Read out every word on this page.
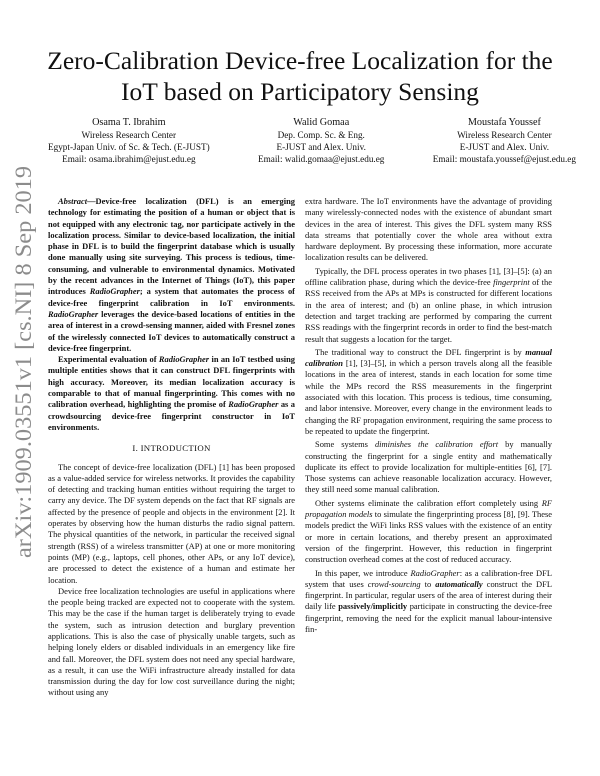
arXiv:1909.03551v1 [cs.NI] 8 Sep 2019
Zero-Calibration Device-free Localization for the
IoT based on Participatory Sensing
Osama T. Ibrahim
Wireless Research Center
Egypt-Japan Univ. of Sc. & Tech. (E-JUST)
Email: osama.ibrahim@ejust.edu.eg
Walid Gomaa
Dep. Comp. Sc. & Eng.
E-JUST and Alex. Univ.
Email: walid.gomaa@ejust.edu.eg
Moustafa Youssef
Wireless Research Center
E-JUST and Alex. Univ.
Email: moustafa.youssef@ejust.edu.eg

Abstract—Device-free localization (DFL) is an emerging technology for estimating the position of a human or object that is not equipped with any electronic tag, nor participate actively in the localization process. Similar to device-based localization, the initial phase in DFL is to build the fingerprint database which is usually done manually using site surveying. This process is tedious, time-consuming, and vulnerable to environmental dynamics. Motivated by the recent advances in the Internet of Things (IoT), this paper introduces RadioGrapher; a system that automates the process of device-free fingerprint calibration in IoT environments. RadioGrapher leverages the device-based locations of entities in the area of interest in a crowd-sensing manner, aided with Fresnel zones of the wirelessly connected IoT devices to automatically construct a device-free fingerprint.

Experimental evaluation of RadioGrapher in an IoT testbed using multiple entities shows that it can construct DFL fingerprints with high accuracy. Moreover, its median localization accuracy is comparable to that of manual fingerprinting. This comes with no calibration overhead, highlighting the promise of RadioGrapher as a crowdsourcing device-free fingerprint constructor in IoT environments.

I. INTRODUCTION

The concept of device-free localization (DFL) [1] has been proposed as a value-added service for wireless networks. It provides the capability of detecting and tracking human entities without requiring the target to carry any device. The DF system depends on the fact that RF signals are affected by the presence of people and objects in the environment [2]. It operates by observing how the human disturbs the radio signal pattern. The physical quantities of the network, in particular the received signal strength (RSS) of a wireless transmitter (AP) at one or more monitoring points (MP) (e.g., laptops, cell phones, other APs, or any IoT device), are processed to detect the existence of a human and estimate her location.

Device free localization technologies are useful in applications where the people being tracked are expected not to cooperate with the system. This may be the case if the human target is deliberately trying to evade the system, such as intrusion detection and burglary prevention applications. This is also the case of physically unable targets, such as helping lonely elders or disabled individuals in an emergency like fire and fall. Moreover, the DFL system does not need any special hardware, as a result, it can use the WiFi infrastructure already installed for data transmission during the day for low cost surveillance during the night; without using any

extra hardware. The IoT environments have the advantage of providing many wirelessly-connected nodes with the existence of abundant smart devices in the area of interest. This gives the DFL system many RSS data streams that potentially cover the whole area without extra hardware deployment. By processing these information, more accurate localization results can be delivered.

Typically, the DFL process operates in two phases [1], [3]–[5]: (a) an offline calibration phase, during which the device-free fingerprint of the RSS received from the APs at MPs is constructed for different locations in the area of interest; and (b) an online phase, in which intrusion detection and target tracking are performed by comparing the current RSS readings with the fingerprint records in order to find the best-match result that suggests a location for the target.

The traditional way to construct the DFL fingerprint is by manual calibration [1], [3]–[5], in which a person travels along all the feasible locations in the area of interest, stands in each location for some time while the MPs record the RSS measurements in the fingerprint associated with this location. This process is tedious, time consuming, and labor intensive. Moreover, every change in the environment leads to changing the RF propagation environment, requiring the same process to be repeated to update the fingerprint.

Some systems diminishes the calibration effort by manually constructing the fingerprint for a single entity and mathematically duplicate its effect to provide localization for multiple-entities [6], [7]. Those systems can achieve reasonable localization accuracy. However, they still need some manual calibration.

Other systems eliminate the calibration effort completely using RF propagation models to simulate the fingerprinting process [8], [9]. These models predict the WiFi links RSS values with the existence of an entity or more in certain locations, and thereby present an approximated version of the fingerprint. However, this reduction in fingerprint construction overhead comes at the cost of reduced accuracy.

In this paper, we introduce RadioGrapher: as a calibration-free DFL system that uses crowd-sourcing to automatically construct the DFL fingerprint. In particular, regular users of the area of interest during their daily life passively/implicitly participate in constructing the device-free fingerprint, removing the need for the explicit manual labour-intensive fin-
